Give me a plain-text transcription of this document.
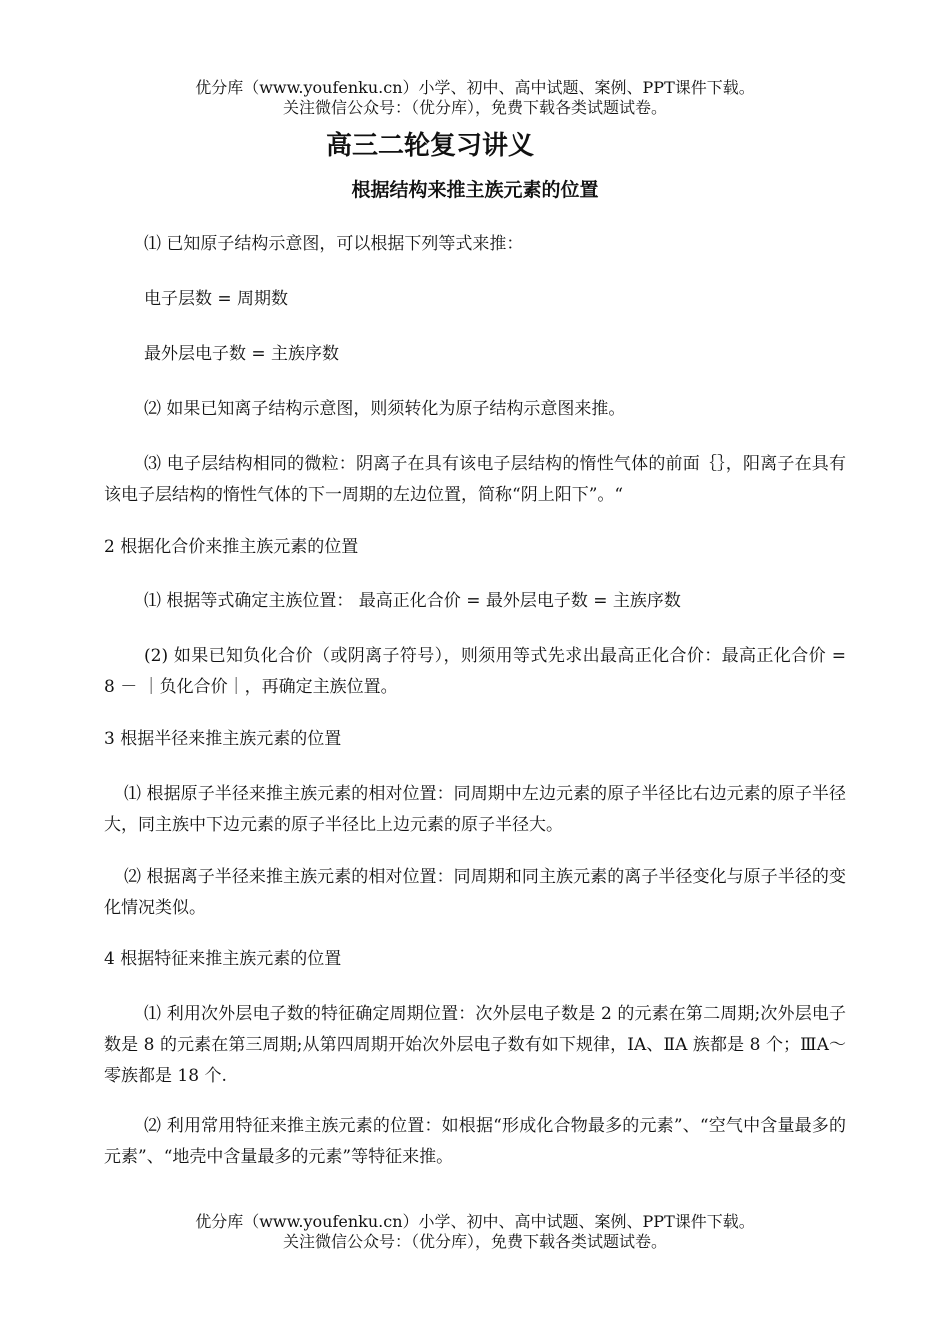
优分库（www.youfenku.cn）小学、初中、高中试题、案例、PPT课件下载。
关注微信公众号：（优分库），免费下载各类试题试卷。
高三二轮复习讲义
根据结构来推主族元素的位置
⑴ 已知原子结构示意图，可以根据下列等式来推：
电子层数 = 周期数
最外层电子数 = 主族序数
⑵ 如果已知离子结构示意图，则须转化为原子结构示意图来推。
⑶ 电子层结构相同的微粒：阴离子在具有该电子层结构的惰性气体的前面｛｝，阳离子在具有该电子层结构的惰性气体的下一周期的左边位置，简称“阴上阳下”。“
2 根据化合价来推主族元素的位置
⑴ 根据等式确定主族位置： 最高正化合价 = 最外层电子数 = 主族序数
(2) 如果已知负化合价（或阴离子符号），则须用等式先求出最高正化合价：最高正化合价 = 8 － ｜负化合价｜，再确定主族位置。
3 根据半径来推主族元素的位置
⑴ 根据原子半径来推主族元素的相对位置：同周期中左边元素的原子半径比右边元素的原子半径大，同主族中下边元素的原子半径比上边元素的原子半径大。
⑵ 根据离子半径来推主族元素的相对位置：同周期和同主族元素的离子半径变化与原子半径的变化情况类似。
4 根据特征来推主族元素的位置
⑴ 利用次外层电子数的特征确定周期位置：次外层电子数是 2 的元素在第二周期;次外层电子数是 8 的元素在第三周期;从第四周期开始次外层电子数有如下规律，ⅠA、ⅡA 族都是 8 个；ⅢA～零族都是 18 个.
⑵ 利用常用特征来推主族元素的位置：如根据“形成化合物最多的元素”、“空气中含量最多的元素”、“地壳中含量最多的元素”等特征来推。
优分库（www.youfenku.cn）小学、初中、高中试题、案例、PPT课件下载。
关注微信公众号：（优分库），免费下载各类试题试卷。
